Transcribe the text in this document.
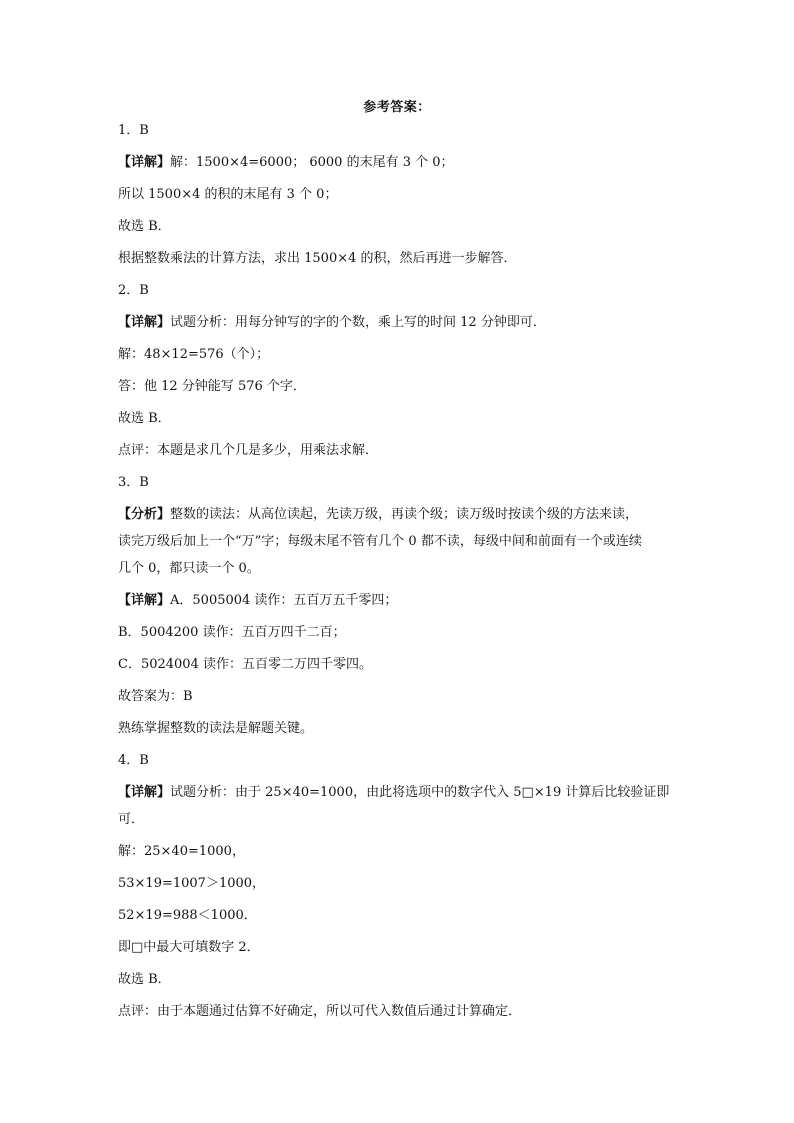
参考答案：

1．B

【详解】解：1500×4=6000； 6000 的末尾有 3 个 0；

所以 1500×4 的积的末尾有 3 个 0；

故选 B．

根据整数乘法的计算方法，求出 1500×4 的积，然后再进一步解答．

2．B

【详解】试题分析：用每分钟写的字的个数，乘上写的时间 12 分钟即可．

解：48×12=576（个）；

答：他 12 分钟能写 576 个字．

故选 B．

点评：本题是求几个几是多少，用乘法求解．

3．B

【分析】整数的读法：从高位读起，先读万级，再读个级；读万级时按读个级的方法来读，

读完万级后加上一个“万”字；每级末尾不管有几个 0 都不读，每级中间和前面有一个或连续

几个 0，都只读一个 0。

【详解】A．5005004 读作：五百万五千零四；

B．5004200 读作：五百万四千二百；

C．5024004 读作：五百零二万四千零四。

故答案为：B

熟练掌握整数的读法是解题关键。

4．B

【详解】试题分析：由于 25×40=1000，由此将选项中的数字代入 5□×19 计算后比较验证即

可．

解：25×40=1000，

53×19=1007＞1000，

52×19=988＜1000．

即□中最大可填数字 2．

故选 B．

点评：由于本题通过估算不好确定，所以可代入数值后通过计算确定．
